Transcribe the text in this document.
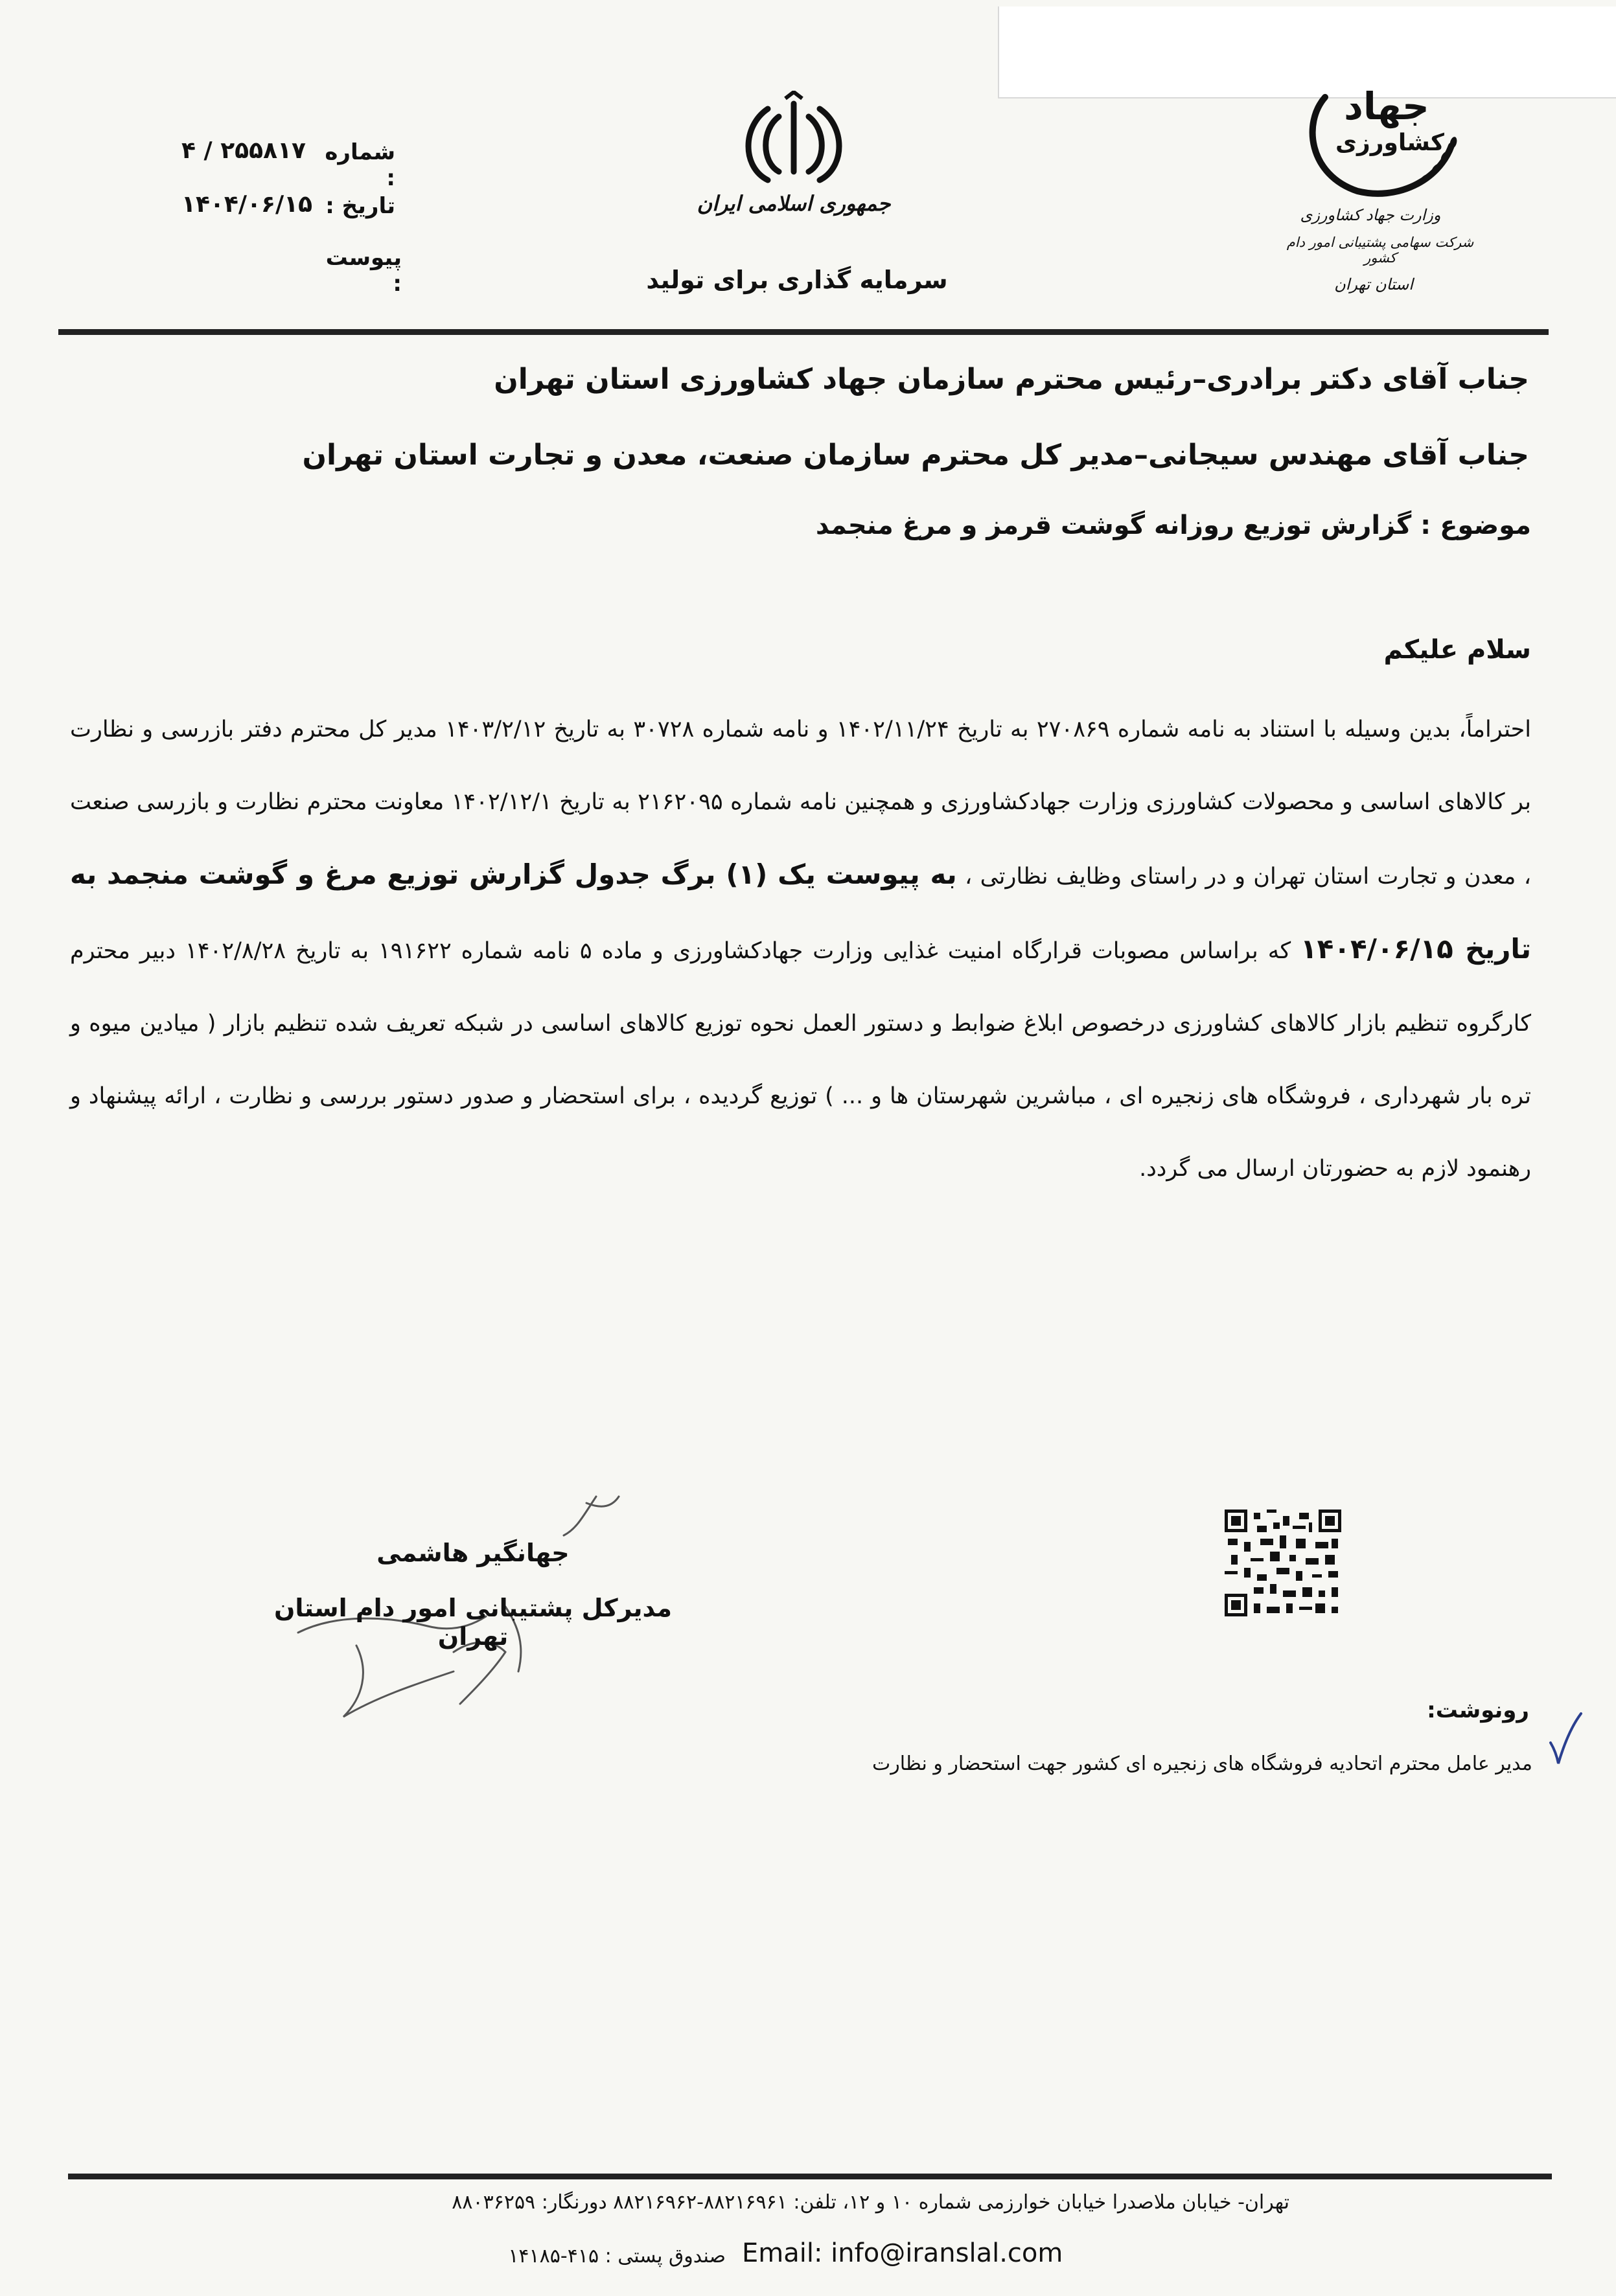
شماره :
۴ / ۲۵۵۸۱۷
تاریخ :
۱۴۰۴/۰۶/۱۵
پیوست :
جمهوری اسلامی ایران
سرمایه گذاری برای تولید
جهاد
کشاورزی
وزارت جهاد کشاورزی
شرکت سهامی پشتیبانی امور دام کشور
استان تهران
جناب آقای دکتر برادری–رئیس محترم سازمان جهاد کشاورزی استان تهران
جناب آقای مهندس سیجانی–مدیر کل محترم سازمان صنعت، معدن و تجارت استان تهران
موضوع : گزارش توزیع روزانه گوشت قرمز و مرغ منجمد
سلام علیکم
احتراماً، بدین وسیله با استناد به نامه شماره ۲۷۰۸۶۹ به تاریخ ۱۴۰۲/۱۱/۲۴ و نامه شماره ۳۰۷۲۸ به تاریخ ۱۴۰۳/۲/۱۲ مدیر کل محترم دفتر بازرسی و نظارت بر کالاهای اساسی و محصولات کشاورزی وزارت جهادکشاورزی و همچنین نامه شماره ۲۱۶۲۰۹۵ به تاریخ ۱۴۰۲/۱۲/۱ معاونت محترم نظارت و بازرسی صنعت ، معدن و تجارت استان تهران و در راستای وظایف نظارتی ، به پیوست یک (۱) برگ جدول گزارش توزیع مرغ و گوشت منجمد به تاریخ ۱۴۰۴/۰۶/۱۵ که براساس مصوبات قرارگاه امنیت غذایی وزارت جهادکشاورزی و ماده ۵ نامه شماره ۱۹۱۶۲۲ به تاریخ ۱۴۰۲/۸/۲۸ دبیر محترم کارگروه تنظیم بازار کالاهای کشاورزی درخصوص ابلاغ ضوابط و دستور العمل نحوه توزیع کالاهای اساسی در شبکه تعریف شده تنظیم بازار ( میادین میوه و تره بار شهرداری ، فروشگاه های زنجیره ای ، مباشرین شهرستان ها و ... ) توزیع گردیده ، برای استحضار و صدور دستور بررسی و نظارت ، ارائه پیشنهاد و رهنمود لازم به حضورتان ارسال می گردد.
جهانگیر هاشمی
مدیرکل پشتیبانی امور دام استان تهران
رونوشت:
مدیر عامل محترم اتحادیه فروشگاه های زنجیره ای کشور جهت استحضار و نظارت
تهران- خیابان ملاصدرا خیابان خوارزمی شماره ۱۰ و ۱۲، تلفن: ۸۸۲۱۶۹۶۱-۸۸۲۱۶۹۶۲ دورنگار: ۸۸۰۳۶۲۵۹
صندوق پستی : ۴۱۵-۱۴۱۸۵ Email: info@iranslal.com
